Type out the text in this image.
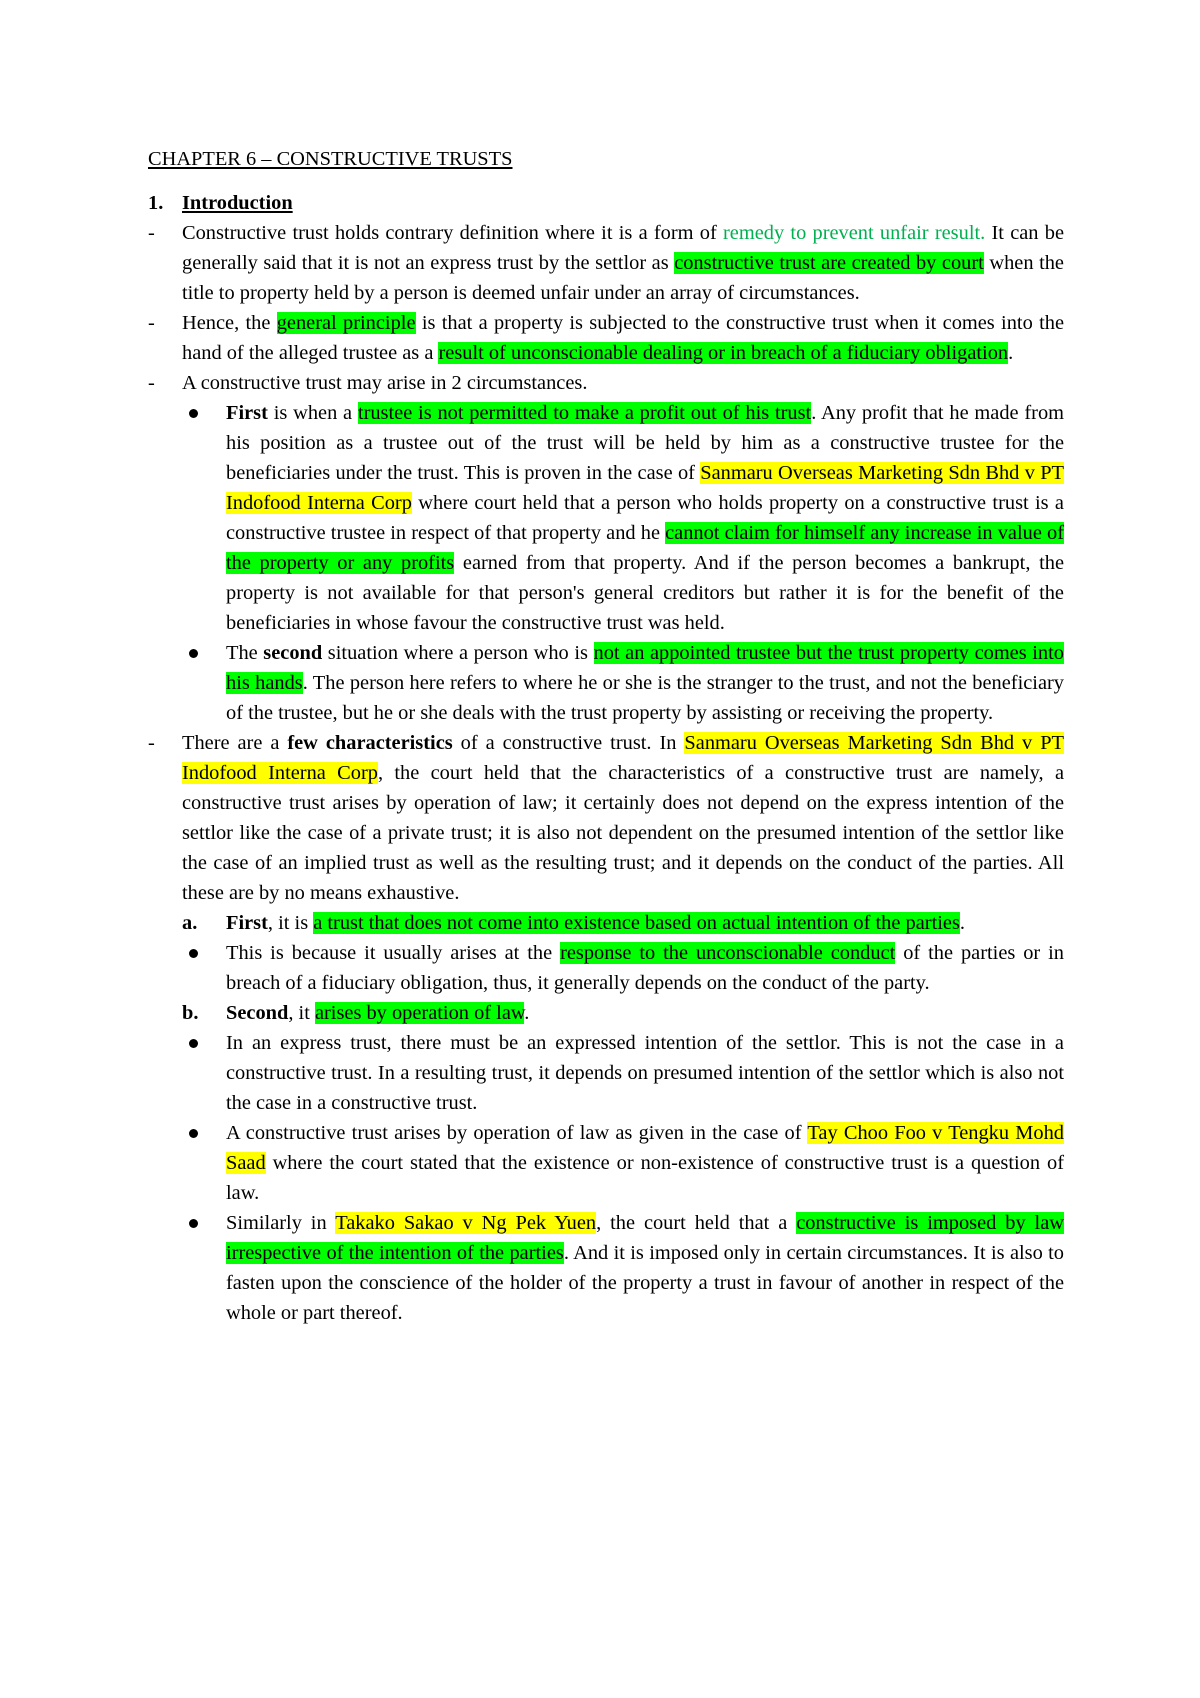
CHAPTER 6 – CONSTRUCTIVE TRUSTS
1. Introduction
-	Constructive trust holds contrary definition where it is a form of remedy to prevent unfair result. It can be generally said that it is not an express trust by the settlor as constructive trust are created by court when the title to property held by a person is deemed unfair under an array of circumstances.
-	Hence, the general principle is that a property is subjected to the constructive trust when it comes into the hand of the alleged trustee as a result of unconscionable dealing or in breach of a fiduciary obligation.
-	A constructive trust may arise in 2 circumstances.
First is when a trustee is not permitted to make a profit out of his trust. Any profit that he made from his position as a trustee out of the trust will be held by him as a constructive trustee for the beneficiaries under the trust. This is proven in the case of Sanmaru Overseas Marketing Sdn Bhd v PT Indofood Interna Corp where court held that a person who holds property on a constructive trust is a constructive trustee in respect of that property and he cannot claim for himself any increase in value of the property or any profits earned from that property. And if the person becomes a bankrupt, the property is not available for that person's general creditors but rather it is for the benefit of the beneficiaries in whose favour the constructive trust was held.
The second situation where a person who is not an appointed trustee but the trust property comes into his hands. The person here refers to where he or she is the stranger to the trust, and not the beneficiary of the trustee, but he or she deals with the trust property by assisting or receiving the property.
-	There are a few characteristics of a constructive trust. In Sanmaru Overseas Marketing Sdn Bhd v PT Indofood Interna Corp, the court held that the characteristics of a constructive trust are namely, a constructive trust arises by operation of law; it certainly does not depend on the express intention of the settlor like the case of a private trust; it is also not dependent on the presumed intention of the settlor like the case of an implied trust as well as the resulting trust; and it depends on the conduct of the parties. All these are by no means exhaustive.
a.	First, it is a trust that does not come into existence based on actual intention of the parties.
This is because it usually arises at the response to the unconscionable conduct of the parties or in breach of a fiduciary obligation, thus, it generally depends on the conduct of the party.
b.	Second, it arises by operation of law.
In an express trust, there must be an expressed intention of the settlor. This is not the case in a constructive trust. In a resulting trust, it depends on presumed intention of the settlor which is also not the case in a constructive trust.
A constructive trust arises by operation of law as given in the case of Tay Choo Foo v Tengku Mohd Saad where the court stated that the existence or non-existence of constructive trust is a question of law.
Similarly in Takako Sakao v Ng Pek Yuen, the court held that a constructive is imposed by law irrespective of the intention of the parties. And it is imposed only in certain circumstances. It is also to fasten upon the conscience of the holder of the property a trust in favour of another in respect of the whole or part thereof.
